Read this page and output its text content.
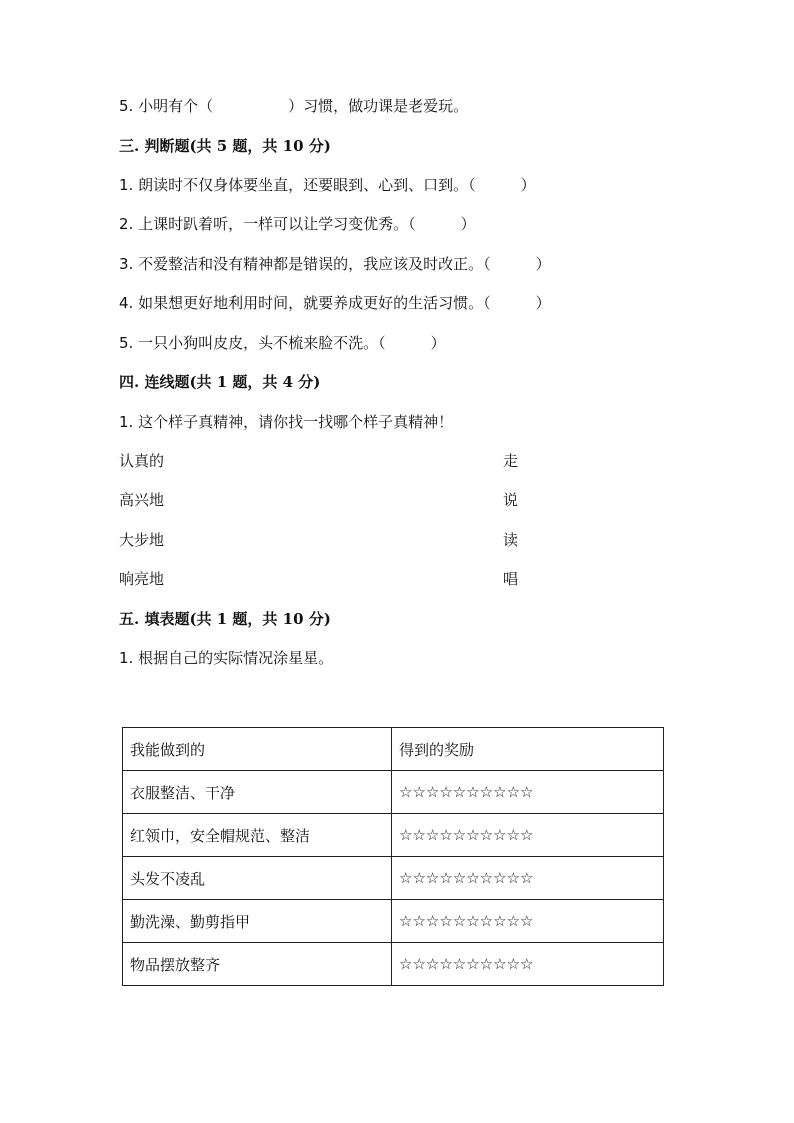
5. 小明有个（　　　　　）习惯，做功课是老爱玩。
三. 判断题(共 5 题，共 10 分)
1. 朗读时不仅身体要坐直，还要眼到、心到、口到。（　　　）
2. 上课时趴着听，一样可以让学习变优秀。（　　　）
3. 不爱整洁和没有精神都是错误的，我应该及时改正。（　　　）
4. 如果想更好地利用时间，就要养成更好的生活习惯。（　　　）
5. 一只小狗叫皮皮，头不梳来脸不洗。（　　　）
四. 连线题(共 1 题，共 4 分)
1. 这个样子真精神，请你找一找哪个样子真精神！
认真的	走
高兴地	说
大步地	读
响亮地	唱
五. 填表题(共 1 题，共 10 分)
1. 根据自己的实际情况涂星星。
我能做到的	得到的奖励
衣服整洁、干净	☆☆☆☆☆☆☆☆☆☆
红领巾，安全帽规范、整洁	☆☆☆☆☆☆☆☆☆☆
头发不凌乱	☆☆☆☆☆☆☆☆☆☆
勤洗澡、勤剪指甲	☆☆☆☆☆☆☆☆☆☆
物品摆放整齐	☆☆☆☆☆☆☆☆☆☆
